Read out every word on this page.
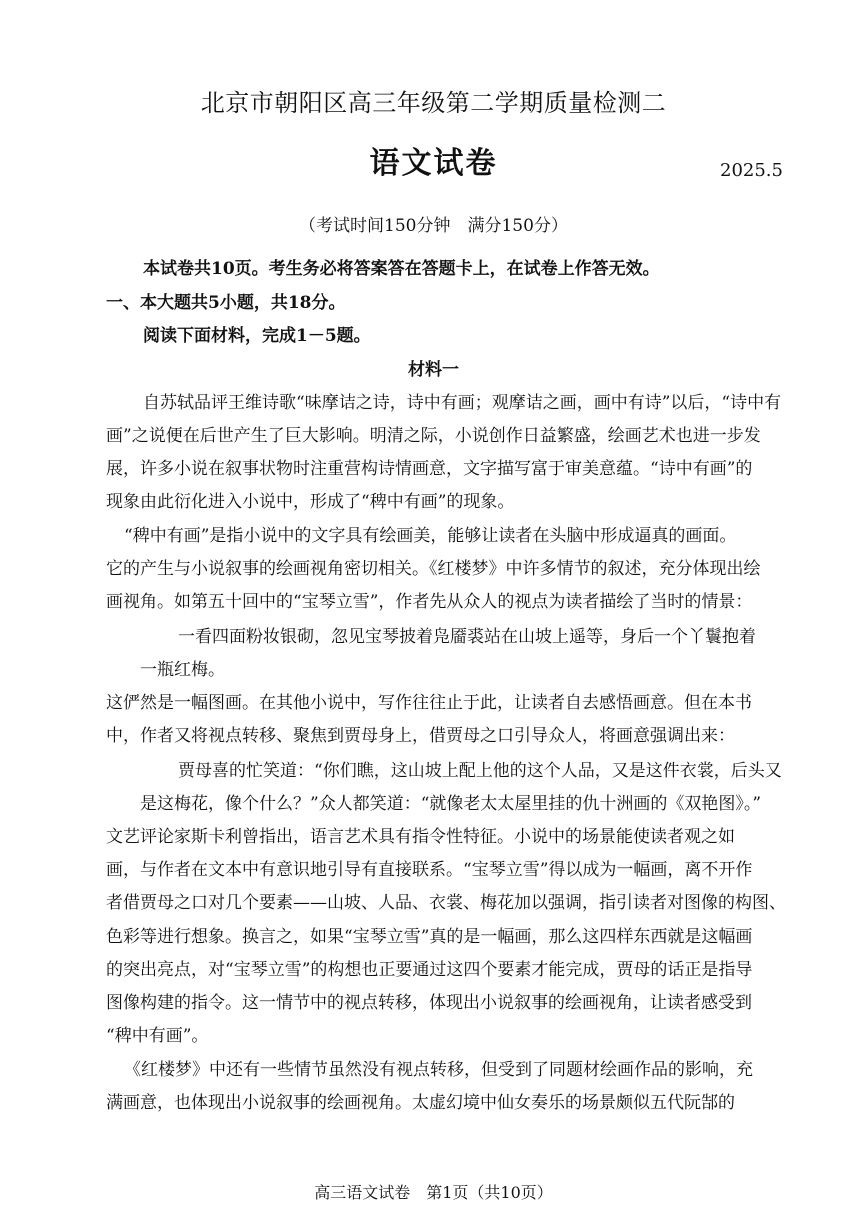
北京市朝阳区高三年级第二学期质量检测二
语文试卷	2025.5
（考试时间150分钟　满分150分）
本试卷共10页。考生务必将答案答在答题卡上，在试卷上作答无效。
一、本大题共5小题，共18分。
阅读下面材料，完成1－5题。
材料一
自苏轼品评王维诗歌“味摩诘之诗，诗中有画；观摩诘之画，画中有诗”以后，“诗中有
画”之说便在后世产生了巨大影响。明清之际，小说创作日益繁盛，绘画艺术也进一步发
展，许多小说在叙事状物时注重营构诗情画意，文字描写富于审美意蕴。“诗中有画”的
现象由此衍化进入小说中，形成了“稗中有画”的现象。
“稗中有画”是指小说中的文字具有绘画美，能够让读者在头脑中形成逼真的画面。
它的产生与小说叙事的绘画视角密切相关。《红楼梦》中许多情节的叙述，充分体现出绘
画视角。如第五十回中的“宝琴立雪”，作者先从众人的视点为读者描绘了当时的情景：
一看四面粉妆银砌，忽见宝琴披着凫靥裘站在山坡上遥等，身后一个丫鬟抱着
一瓶红梅。
这俨然是一幅图画。在其他小说中，写作往往止于此，让读者自去感悟画意。但在本书
中，作者又将视点转移、聚焦到贾母身上，借贾母之口引导众人，将画意强调出来：
贾母喜的忙笑道：“你们瞧，这山坡上配上他的这个人品，又是这件衣裳，后头又
是这梅花，像个什么？”众人都笑道：“就像老太太屋里挂的仇十洲画的《双艳图》。”
文艺评论家斯卡利曾指出，语言艺术具有指令性特征。小说中的场景能使读者观之如
画，与作者在文本中有意识地引导有直接联系。“宝琴立雪”得以成为一幅画，离不开作
者借贾母之口对几个要素——山坡、人品、衣裳、梅花加以强调，指引读者对图像的构图、
色彩等进行想象。换言之，如果“宝琴立雪”真的是一幅画，那么这四样东西就是这幅画
的突出亮点，对“宝琴立雪”的构想也正要通过这四个要素才能完成，贾母的话正是指导
图像构建的指令。这一情节中的视点转移，体现出小说叙事的绘画视角，让读者感受到
“稗中有画”。
《红楼梦》中还有一些情节虽然没有视点转移，但受到了同题材绘画作品的影响，充
满画意，也体现出小说叙事的绘画视角。太虚幻境中仙女奏乐的场景颇似五代阮郜的
高三语文试卷　第1页（共10页）
